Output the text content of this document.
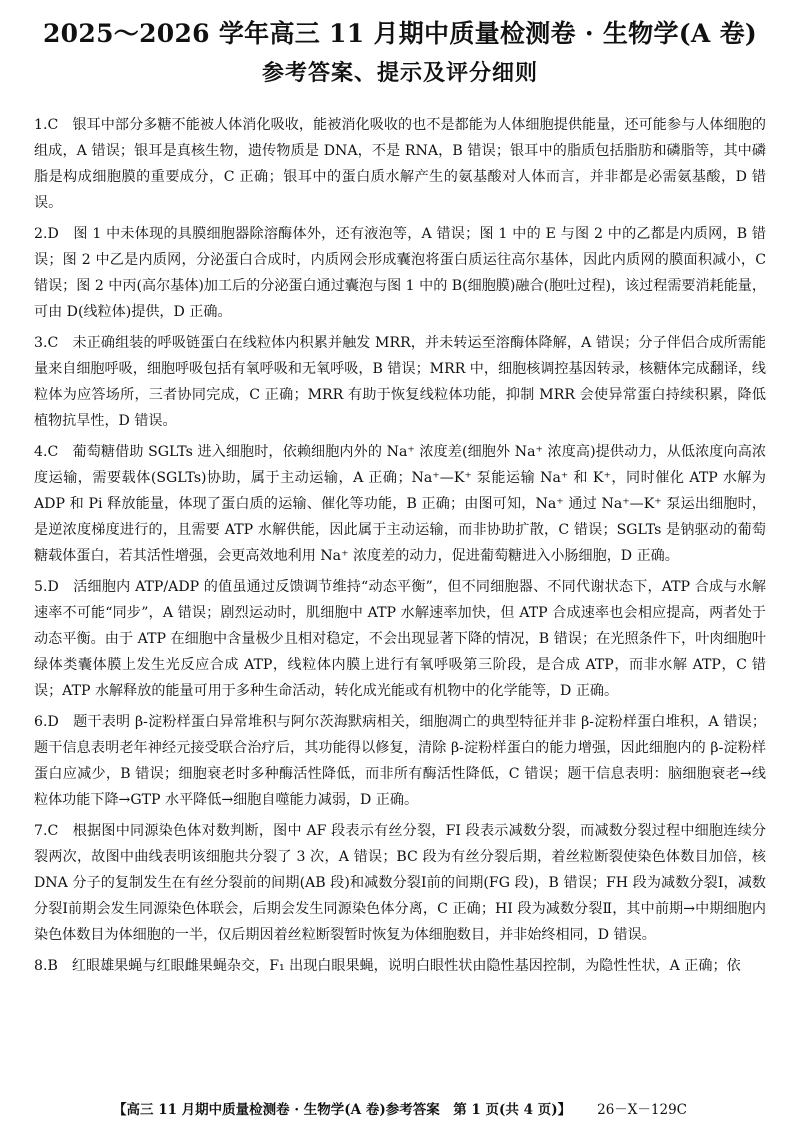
2025～2026 学年高三 11 月期中质量检测卷 · 生物学(A 卷)
参考答案、提示及评分细则

1.C　银耳中部分多糖不能被人体消化吸收，能被消化吸收的也不是都能为人体细胞提供能量，还可能参与人体细胞的组成，A 错误；银耳是真核生物，遗传物质是 DNA，不是 RNA，B 错误；银耳中的脂质包括脂肪和磷脂等，其中磷脂是构成细胞膜的重要成分，C 正确；银耳中的蛋白质水解产生的氨基酸对人体而言，并非都是必需氨基酸，D 错误。

2.D　图 1 中未体现的具膜细胞器除溶酶体外，还有液泡等，A 错误；图 1 中的 E 与图 2 中的乙都是内质网，B 错误；图 2 中乙是内质网，分泌蛋白合成时，内质网会形成囊泡将蛋白质运往高尔基体，因此内质网的膜面积减小，C 错误；图 2 中丙(高尔基体)加工后的分泌蛋白通过囊泡与图 1 中的 B(细胞膜)融合(胞吐过程)，该过程需要消耗能量，可由 D(线粒体)提供，D 正确。

3.C　未正确组装的呼吸链蛋白在线粒体内积累并触发 MRR，并未转运至溶酶体降解，A 错误；分子伴侣合成所需能量来自细胞呼吸，细胞呼吸包括有氧呼吸和无氧呼吸，B 错误；MRR 中，细胞核调控基因转录，核糖体完成翻译，线粒体为应答场所，三者协同完成，C 正确；MRR 有助于恢复线粒体功能，抑制 MRR 会使异常蛋白持续积累，降低植物抗旱性，D 错误。

4.C　葡萄糖借助 SGLTs 进入细胞时，依赖细胞内外的 Na⁺ 浓度差(细胞外 Na⁺ 浓度高)提供动力，从低浓度向高浓度运输，需要载体(SGLTs)协助，属于主动运输，A 正确；Na⁺—K⁺ 泵能运输 Na⁺ 和 K⁺，同时催化 ATP 水解为 ADP 和 Pi 释放能量，体现了蛋白质的运输、催化等功能，B 正确；由图可知，Na⁺ 通过 Na⁺—K⁺ 泵运出细胞时，是逆浓度梯度进行的，且需要 ATP 水解供能，因此属于主动运输，而非协助扩散，C 错误；SGLTs 是钠驱动的葡萄糖载体蛋白，若其活性增强，会更高效地利用 Na⁺ 浓度差的动力，促进葡萄糖进入小肠细胞，D 正确。

5.D　活细胞内 ATP/ADP 的值虽通过反馈调节维持“动态平衡”，但不同细胞器、不同代谢状态下，ATP 合成与水解速率不可能“同步”，A 错误；剧烈运动时，肌细胞中 ATP 水解速率加快，但 ATP 合成速率也会相应提高，两者处于动态平衡。由于 ATP 在细胞中含量极少且相对稳定，不会出现显著下降的情况，B 错误；在光照条件下，叶肉细胞叶绿体类囊体膜上发生光反应合成 ATP，线粒体内膜上进行有氧呼吸第三阶段，是合成 ATP，而非水解 ATP，C 错误；ATP 水解释放的能量可用于多种生命活动，转化成光能或有机物中的化学能等，D 正确。

6.D　题干表明 β-淀粉样蛋白异常堆积与阿尔茨海默病相关，细胞凋亡的典型特征并非 β-淀粉样蛋白堆积，A 错误；题干信息表明老年神经元接受联合治疗后，其功能得以修复，清除 β-淀粉样蛋白的能力增强，因此细胞内的 β-淀粉样蛋白应减少，B 错误；细胞衰老时多种酶活性降低，而非所有酶活性降低，C 错误；题干信息表明：脑细胞衰老→线粒体功能下降→GTP 水平降低→细胞自噬能力减弱，D 正确。

7.C　根据图中同源染色体对数判断，图中 AF 段表示有丝分裂，FI 段表示减数分裂，而减数分裂过程中细胞连续分裂两次，故图中曲线表明该细胞共分裂了 3 次，A 错误；BC 段为有丝分裂后期，着丝粒断裂使染色体数目加倍，核 DNA 分子的复制发生在有丝分裂前的间期(AB 段)和减数分裂Ⅰ前的间期(FG 段)，B 错误；FH 段为减数分裂Ⅰ，减数分裂Ⅰ前期会发生同源染色体联会，后期会发生同源染色体分离，C 正确；HI 段为减数分裂Ⅱ，其中前期→中期细胞内染色体数目为体细胞的一半，仅后期因着丝粒断裂暂时恢复为体细胞数目，并非始终相同，D 错误。

8.B　红眼雄果蝇与红眼雌果蝇杂交，F₁ 出现白眼果蝇，说明白眼性状由隐性基因控制，为隐性性状，A 正确；依

【高三 11 月期中质量检测卷 · 生物学(A 卷)参考答案　第 1 页(共 4 页)】 26－X－129C
